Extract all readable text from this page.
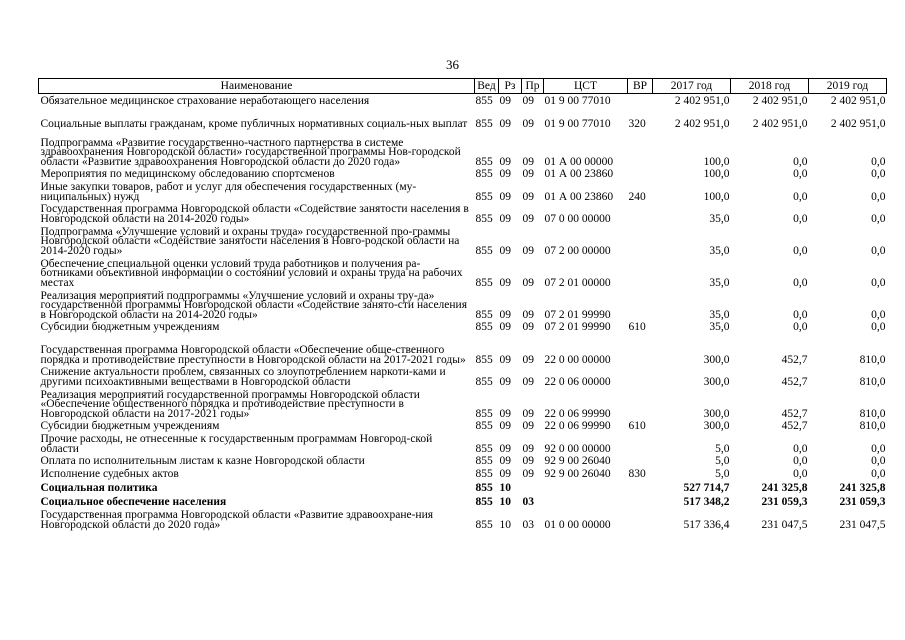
36
Наименование	Вед	Рз	Пр	ЦСТ	ВР	2017 год	2018 год	2019 год
Обязательное медицинское страхование неработающего населения	855	09	09	01 9 00 77010		2 402 951,0	2 402 951,0	2 402 951,0
Социальные выплаты гражданам, кроме публичных нормативных социаль-ных выплат	855	09	09	01 9 00 77010	320	2 402 951,0	2 402 951,0	2 402 951,0
Подпрограмма «Развитие государственно-частного партнерства в системе здравоохранения Новгородской области» государственной программы Нов-городской области «Развитие здравоохранения Новгородской области до 2020 года»	855	09	09	01 А 00 00000		100,0	0,0	0,0
Мероприятия по медицинскому обследованию спортсменов	855	09	09	01 А 00 23860		100,0	0,0	0,0
Иные закупки товаров, работ и услуг для обеспечения государственных (му-ниципальных) нужд	855	09	09	01 А 00 23860	240	100,0	0,0	0,0
Государственная программа Новгородской области «Содействие занятости населения в Новгородской области на 2014-2020 годы»	855	09	09	07 0 00 00000		35,0	0,0	0,0
Подпрограмма «Улучшение условий и охраны труда» государственной про-граммы Новгородской области «Содействие занятости населения в Новго-родской области на 2014-2020 годы»	855	09	09	07 2 00 00000		35,0	0,0	0,0
Обеспечение специальной оценки условий труда работников и получения ра-ботниками объективной информации о состоянии условий и охраны труда на рабочих местах	855	09	09	07 2 01 00000		35,0	0,0	0,0
Реализация мероприятий подпрограммы «Улучшение условий и охраны тру-да» государственной программы Новгородской области «Содействие занято-сти населения в Новгородской области на 2014-2020 годы»	855	09	09	07 2 01 99990		35,0	0,0	0,0
Субсидии бюджетным учреждениям	855	09	09	07 2 01 99990	610	35,0	0,0	0,0
Государственная программа Новгородской области «Обеспечение обще-ственного порядка и противодействие преступности в Новгородской области на 2017-2021 годы»	855	09	09	22 0 00 00000		300,0	452,7	810,0
Снижение актуальности проблем, связанных со злоупотреблением наркоти-ками и другими психоактивными веществами в Новгородской области	855	09	09	22 0 06 00000		300,0	452,7	810,0
Реализация мероприятий государственной программы Новгородской области «Обеспечение общественного порядка и противодействие преступности в Новгородской области на 2017-2021 годы»	855	09	09	22 0 06 99990		300,0	452,7	810,0
Субсидии бюджетным учреждениям	855	09	09	22 0 06 99990	610	300,0	452,7	810,0
Прочие расходы, не отнесенные к государственным программам Новгород-ской области	855	09	09	92 0 00 00000		5,0	0,0	0,0
Оплата по исполнительным листам к казне Новгородской области	855	09	09	92 9 00 26040		5,0	0,0	0,0
Исполнение судебных актов	855	09	09	92 9 00 26040	830	5,0	0,0	0,0
Социальная политика	855	10				527 714,7	241 325,8	241 325,8
Социальное обеспечение населения	855	10	03			517 348,2	231 059,3	231 059,3
Государственная программа Новгородской области «Развитие здравоохране-ния Новгородской области до 2020 года»	855	10	03	01 0 00 00000		517 336,4	231 047,5	231 047,5
